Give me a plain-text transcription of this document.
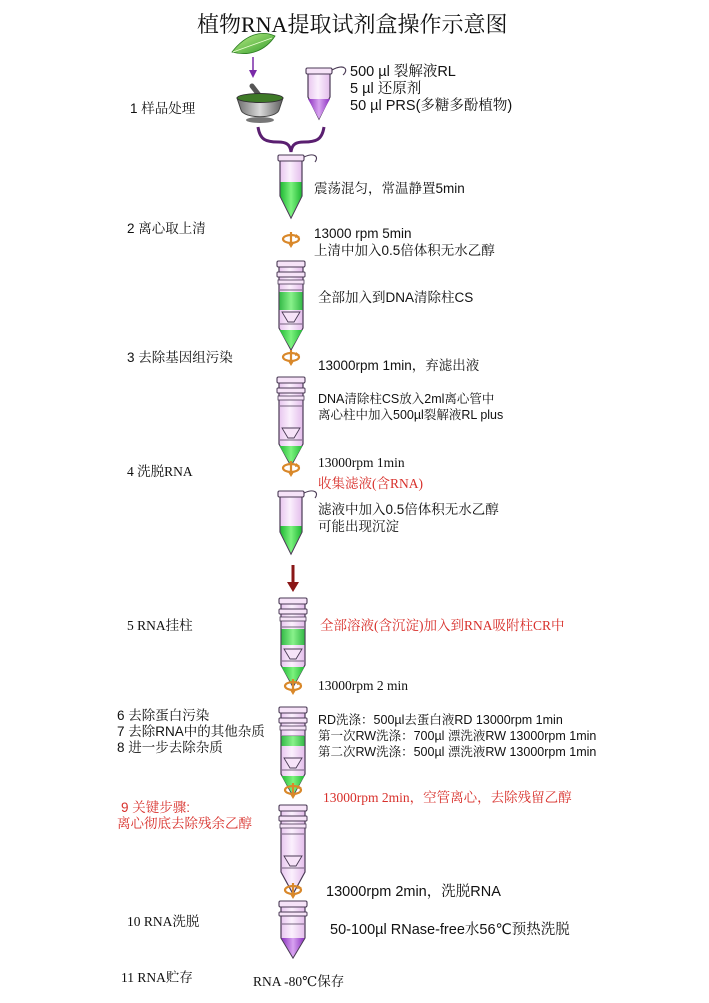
植物RNA提取试剂盒操作示意图
1 样品处理
2 离心取上清
3 去除基因组污染
4 洗脱RNA
5 RNA挂柱
6 去除蛋白污染
7 去除RNA中的其他杂质
8 进一步去除杂质
9 关键步骤:
离心彻底去除残余乙醇
10 RNA洗脱
11 RNA贮存
500 µl 裂解液RL
5 µl 还原剂
50 µl PRS(多糖多酚植物)
震荡混匀，常温静置5min
13000 rpm 5min
上清中加入0.5倍体积无水乙醇
全部加入到DNA清除柱CS
13000rpm 1min，弃滤出液
DNA清除柱CS放入2ml离心管中
离心柱中加入500µl裂解液RL plus
13000rpm 1min
收集滤液(含RNA)
滤液中加入0.5倍体积无水乙醇
可能出现沉淀
全部溶液(含沉淀)加入到RNA吸附柱CR中
13000rpm 2 min
RD洗涤：500µl去蛋白液RD 13000rpm 1min
第一次RW洗涤：700µl 漂洗液RW 13000rpm 1min
第二次RW洗涤：500µl 漂洗液RW 13000rpm 1min
13000rpm 2min，空管离心，去除残留乙醇
13000rpm 2min，洗脱RNA
50-100µl RNase-free水56℃预热洗脱
RNA -80℃保存
